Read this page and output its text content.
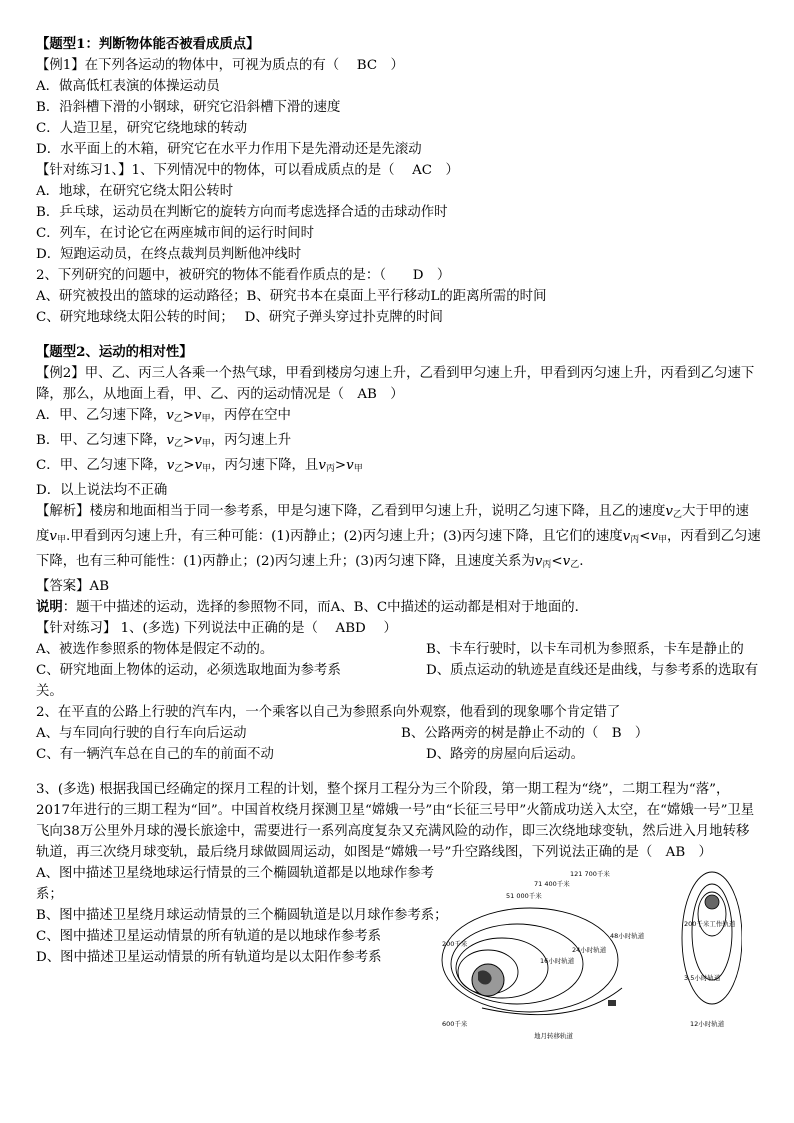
【题型1：判断物体能否被看成质点】
【例1】在下列各运动的物体中，可视为质点的有（　 BC　）
A．做高低杠表演的体操运动员
B．沿斜槽下滑的小钢球，研究它沿斜槽下滑的速度
C．人造卫星，研究它绕地球的转动
D．水平面上的木箱，研究它在水平力作用下是先滑动还是先滚动
【针对练习1、】1、下列情况中的物体，可以看成质点的是（　 AC　）
A．地球，在研究它绕太阳公转时
B．乒乓球，运动员在判断它的旋转方向而考虑选择合适的击球动作时
C．列车，在讨论它在两座城市间的运行时间时
D．短跑运动员，在终点裁判员判断他冲线时
2、下列研究的问题中，被研究的物体不能看作质点的是：（　　D　）
A、研究被投出的篮球的运动路径；B、研究书本在桌面上平行移动L的距离所需的时间
C、研究地球绕太阳公转的时间；　 D、研究子弹头穿过扑克牌的时间
【题型2、运动的相对性】
【例2】甲、乙、丙三人各乘一个热气球，甲看到楼房匀速上升，乙看到甲匀速上升，甲看到丙匀速上升，丙看到乙匀速下降，那么，从地面上看，甲、乙、丙的运动情况是（　AB　）
A．甲、乙匀速下降，$v_乙>v_甲$，丙停在空中
B．甲、乙匀速下降，$v_乙>v_甲$，丙匀速上升
C．甲、乙匀速下降，$v_乙>v_甲$，丙匀速下降，且$v_丙>v_甲$
D．以上说法均不正确
【解析】楼房和地面相当于同一参考系，甲是匀速下降，乙看到甲匀速上升，说明乙匀速下降，且乙的速度$v_乙$大于甲的速度$v_甲$.甲看到丙匀速上升，有三种可能：(1)丙静止；(2)丙匀速上升；(3)丙匀速下降，且它们的速度$v_丙<v_甲$，丙看到乙匀速下降，也有三种可能性：(1)丙静止；(2)丙匀速上升；(3)丙匀速下降，且速度关系为$v_丙<v_乙$.
【答案】AB
说明：题干中描述的运动，选择的参照物不同，而A、B、C中描述的运动都是相对于地面的．
【针对练习】 1、(多选) 下列说法中正确的是（　 ABD　 ）
A、被选作参照系的物体是假定不动的。	B、卡车行驶时，以卡车司机为参照系，卡车是静止的
C、研究地面上物体的运动，必须选取地面为参考系	D、质点运动的轨迹是直线还是曲线，与参考系的选取有关。
2、在平直的公路上行驶的汽车内，一个乘客以自己为参照系向外观察，他看到的现象哪个肯定错了
A、与车同向行驶的自行车向后运动	B、公路两旁的树是静止不动的（　B　）
C、有一辆汽车总在自己的车的前面不动	D、路旁的房屋向后运动。
3、(多选) 根据我国已经确定的探月工程的计划，整个探月工程分为三个阶段，第一期工程为“绕”，二期工程为“落”，2017年进行的三期工程为“回”。中国首枚绕月探测卫星“嫦娥一号”由“长征三号甲”火箭成功送入太空，在“嫦娥一号”卫星飞向38万公里外月球的漫长旅途中，需要进行一系列高度复杂又充满风险的动作，即三次绕地球变轨，然后进入月地转移轨道，再三次绕月球变轨，最后绕月球做圆周运动，如图是“嫦娥一号”升空路线图，下列说法正确的是（　AB　）
A、图中描述卫星绕地球运行情景的三个椭圆轨道都是以地球作参考系；
B、图中描述卫星绕月球运动情景的三个椭圆轨道是以月球作参考系；
C、图中描述卫星运动情景的所有轨道的是以地球作参考系
D、图中描述卫星运动情景的所有轨道均是以太阳作参考系
121 700千米
71 400千米
51 000千米
200千米
600千米
16小时轨道
24小时轨道
48小时轨道
地月转移轨道
200千米工作轨道
3.5小时轨道
12小时轨道
